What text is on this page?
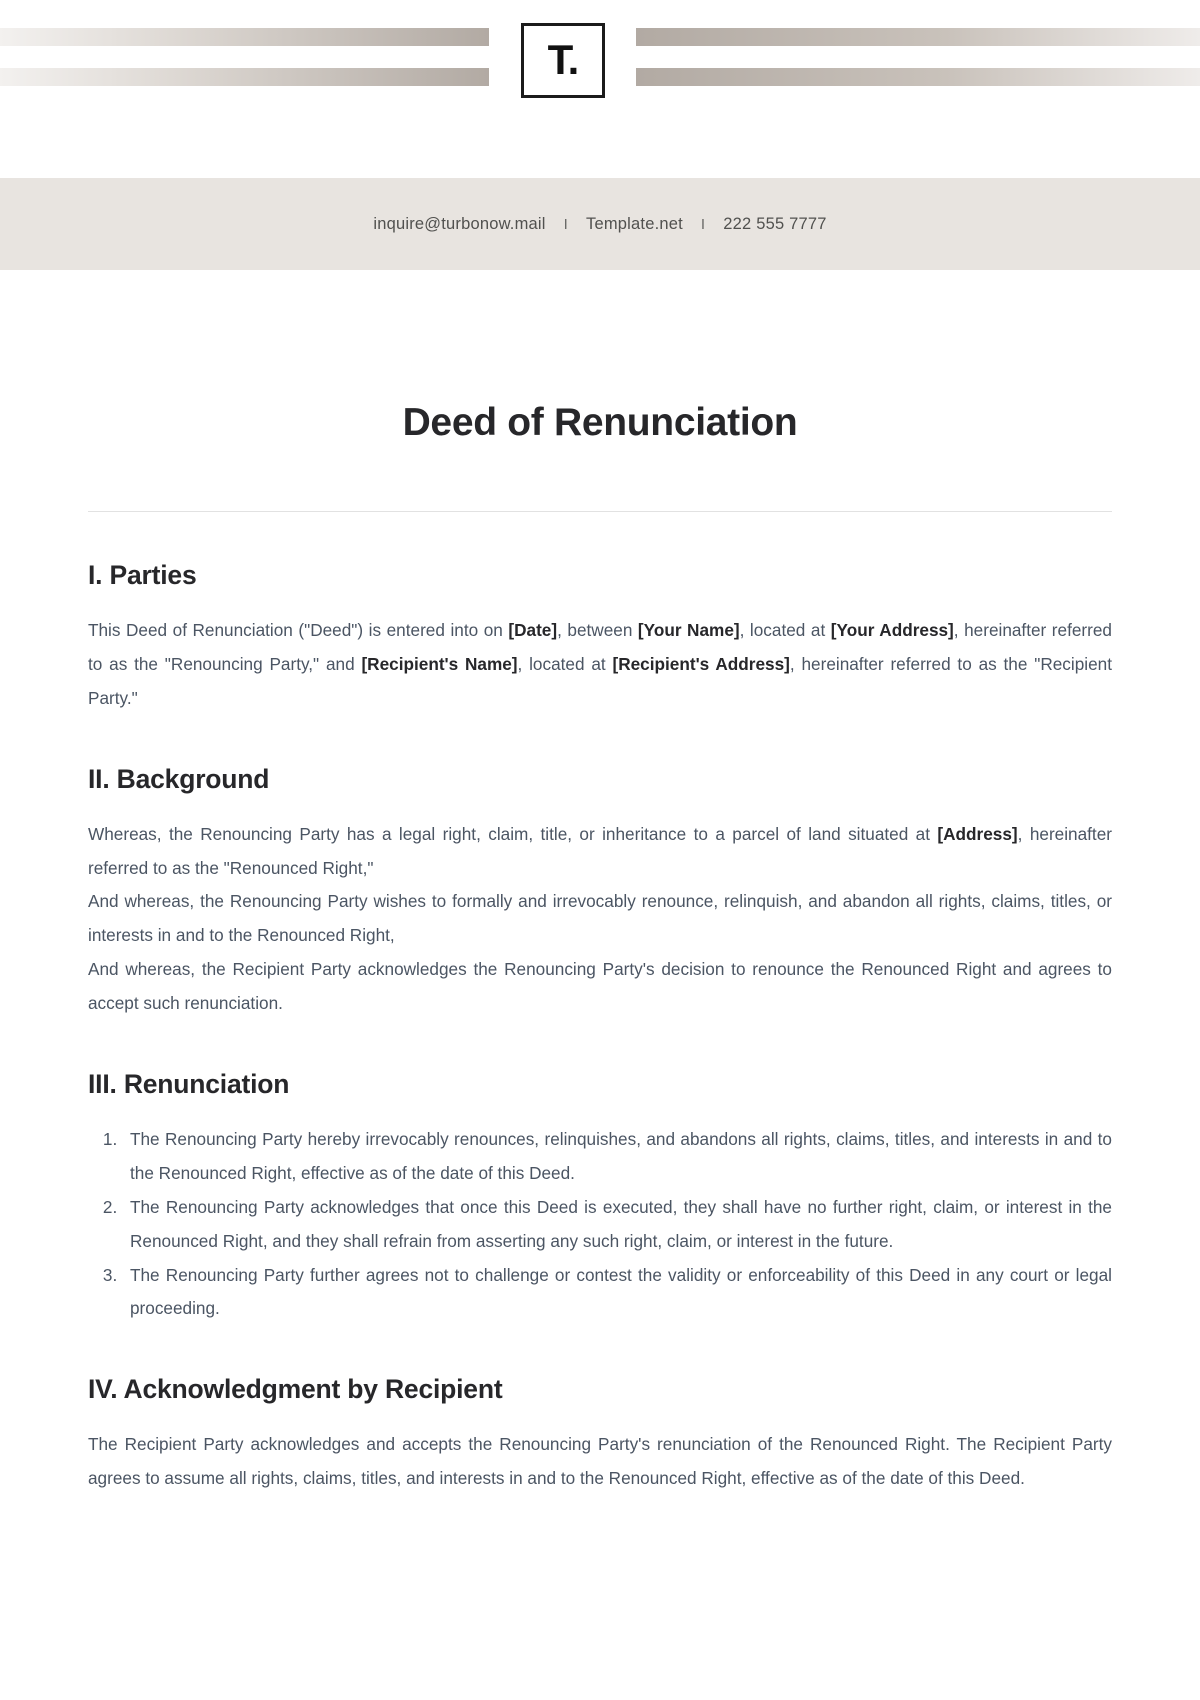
T.
inquire@turbonow.mail I Template.net I 222 555 7777
Deed of Renunciation
I. Parties

This Deed of Renunciation ("Deed") is entered into on [Date], between [Your Name], located at [Your Address], hereinafter referred to as the "Renouncing Party," and [Recipient's Name], located at [Recipient's Address], hereinafter referred to as the "Recipient Party."

II. Background

Whereas, the Renouncing Party has a legal right, claim, title, or inheritance to a parcel of land situated at [Address], hereinafter referred to as the "Renounced Right,"

And whereas, the Renouncing Party wishes to formally and irrevocably renounce, relinquish, and abandon all rights, claims, titles, or interests in and to the Renounced Right,

And whereas, the Recipient Party acknowledges the Renouncing Party's decision to renounce the Renounced Right and agrees to accept such renunciation.

III. Renunciation
1. The Renouncing Party hereby irrevocably renounces, relinquishes, and abandons all rights, claims, titles, and interests in and to the Renounced Right, effective as of the date of this Deed.
2. The Renouncing Party acknowledges that once this Deed is executed, they shall have no further right, claim, or interest in the Renounced Right, and they shall refrain from asserting any such right, claim, or interest in the future.
3. The Renouncing Party further agrees not to challenge or contest the validity or enforceability of this Deed in any court or legal proceeding.
IV. Acknowledgment by Recipient

The Recipient Party acknowledges and accepts the Renouncing Party's renunciation of the Renounced Right. The Recipient Party agrees to assume all rights, claims, titles, and interests in and to the Renounced Right, effective as of the date of this Deed.
